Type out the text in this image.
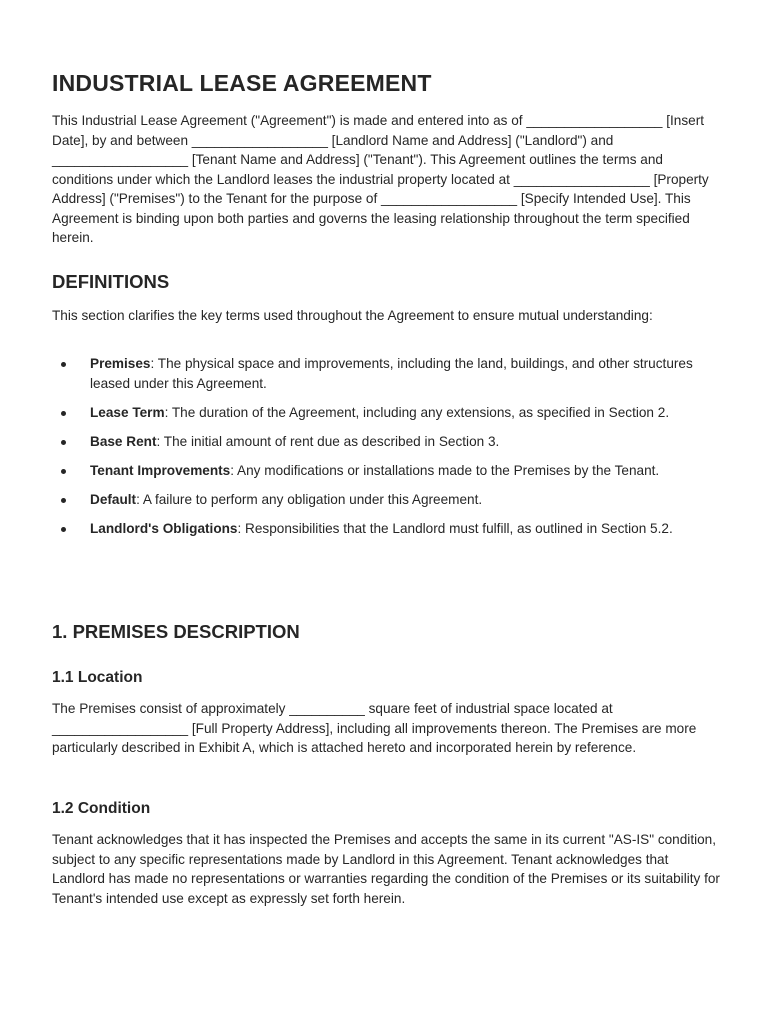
INDUSTRIAL LEASE AGREEMENT

This Industrial Lease Agreement ("Agreement") is made and entered into as of __________________ [Insert Date], by and between __________________ [Landlord Name and Address] ("Landlord") and __________________ [Tenant Name and Address] ("Tenant"). This Agreement outlines the terms and conditions under which the Landlord leases the industrial property located at __________________ [Property Address] ("Premises") to the Tenant for the purpose of __________________ [Specify Intended Use]. This Agreement is binding upon both parties and governs the leasing relationship throughout the term specified herein.

DEFINITIONS

This section clarifies the key terms used throughout the Agreement to ensure mutual understanding:

Premises: The physical space and improvements, including the land, buildings, and other structures leased under this Agreement.
Lease Term: The duration of the Agreement, including any extensions, as specified in Section 2.
Base Rent: The initial amount of rent due as described in Section 3.
Tenant Improvements: Any modifications or installations made to the Premises by the Tenant.
Default: A failure to perform any obligation under this Agreement.
Landlord's Obligations: Responsibilities that the Landlord must fulfill, as outlined in Section 5.2.
1. PREMISES DESCRIPTION
1.1 Location

The Premises consist of approximately __________ square feet of industrial space located at __________________ [Full Property Address], including all improvements thereon. The Premises are more particularly described in Exhibit A, which is attached hereto and incorporated herein by reference.

1.2 Condition

Tenant acknowledges that it has inspected the Premises and accepts the same in its current "AS-IS" condition, subject to any specific representations made by Landlord in this Agreement. Tenant acknowledges that Landlord has made no representations or warranties regarding the condition of the Premises or its suitability for Tenant's intended use except as expressly set forth herein.
